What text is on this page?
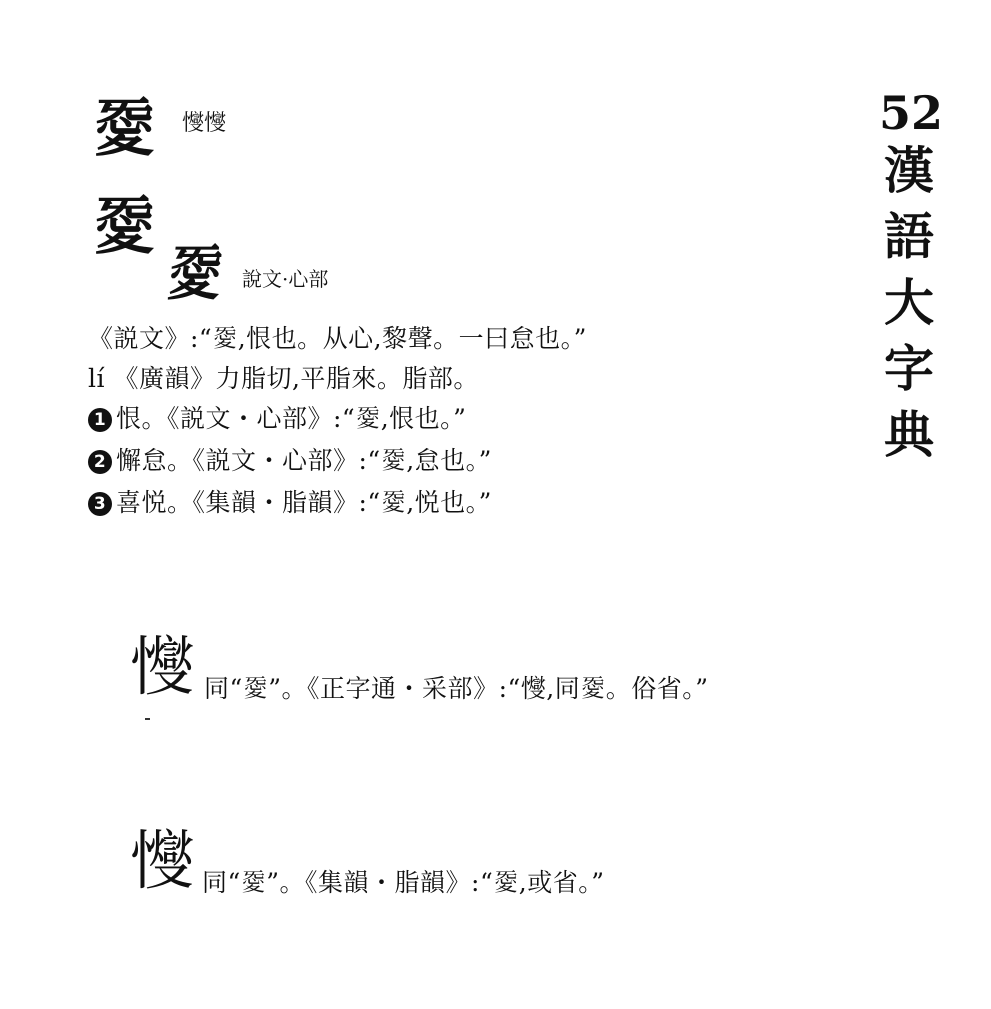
52
漢語大字典
𢙴 㦪㦪
𢙴
𢙴 說文·心部
《説文》:“𢙴,恨也。从心,黎聲。一曰怠也。”
lí 《廣韻》力脂切,平脂來。脂部。
1 恨。《説文・心部》:“𢙴,恨也。”
2 懈怠。《説文・心部》:“𢙴,怠也。”
3 喜悦。《集韻・脂韻》:“𢙴,悦也。”
㦪 同“𢙴”。《正字通・采部》:“㦪,同𢙴。俗省。”
㦪 同“𢙴”。《集韻・脂韻》:“𢙴,或省。”
